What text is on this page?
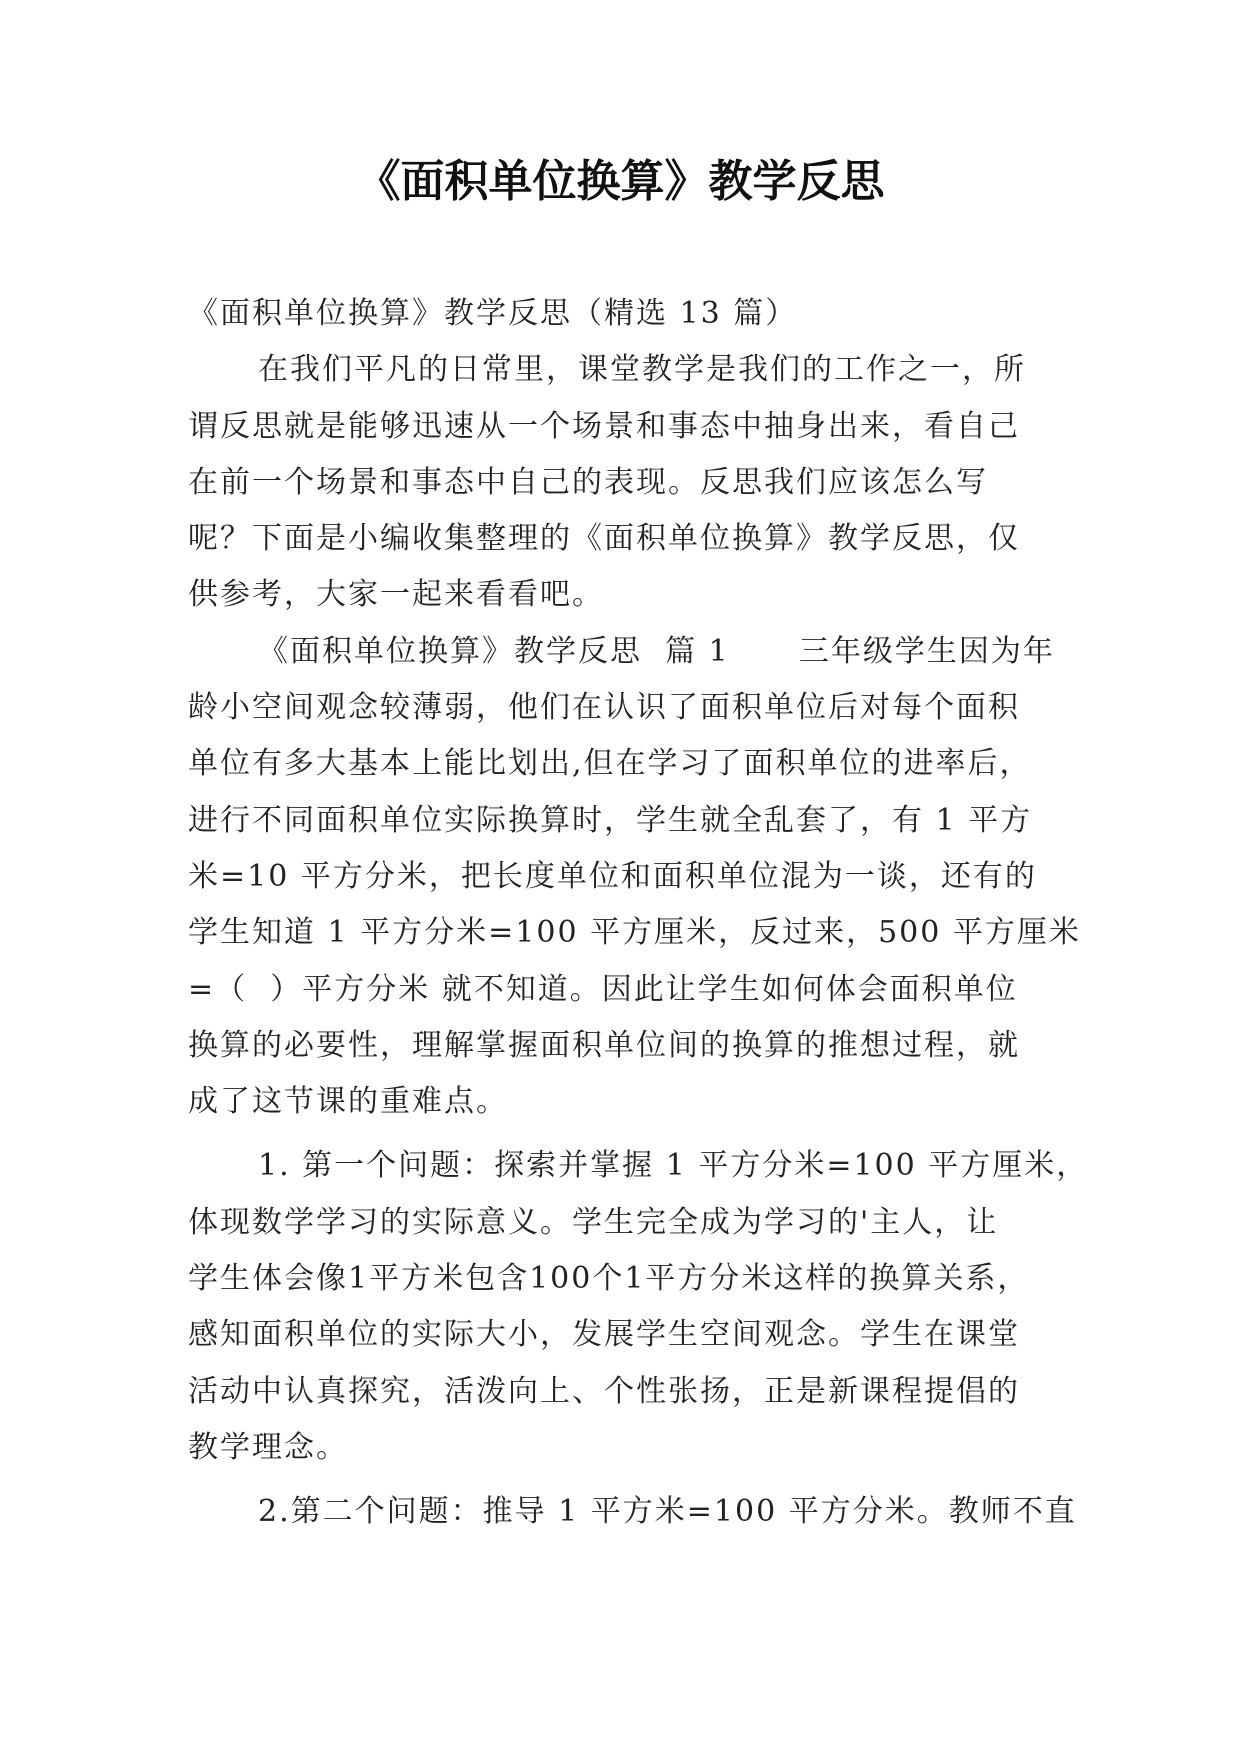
《面积单位换算》教学反思
《面积单位换算》教学反思（精选 13 篇）
在我们平凡的日常里，课堂教学是我们的工作之一，所
谓反思就是能够迅速从一个场景和事态中抽身出来，看自己
在前一个场景和事态中自己的表现。反思我们应该怎么写
呢？下面是小编收集整理的《面积单位换算》教学反思，仅
供参考，大家一起来看看吧。
《面积单位换算》教学反思  篇 1      三年级学生因为年
龄小空间观念较薄弱，他们在认识了面积单位后对每个面积
单位有多大基本上能比划出,但在学习了面积单位的进率后，
进行不同面积单位实际换算时，学生就全乱套了，有 1 平方
米=10 平方分米，把长度单位和面积单位混为一谈，还有的
学生知道 1 平方分米=100 平方厘米，反过来，500 平方厘米
=（  ）平方分米 就不知道。因此让学生如何体会面积单位
换算的必要性，理解掌握面积单位间的换算的推想过程，就
成了这节课的重难点。
1. 第一个问题：探索并掌握 1 平方分米=100 平方厘米，
体现数学学习的实际意义。学生完全成为学习的'主人，让
学生体会像1平方米包含100个1平方分米这样的换算关系，
感知面积单位的实际大小，发展学生空间观念。学生在课堂
活动中认真探究，活泼向上、个性张扬，正是新课程提倡的
教学理念。
2.第二个问题：推导 1 平方米=100 平方分米。教师不直
